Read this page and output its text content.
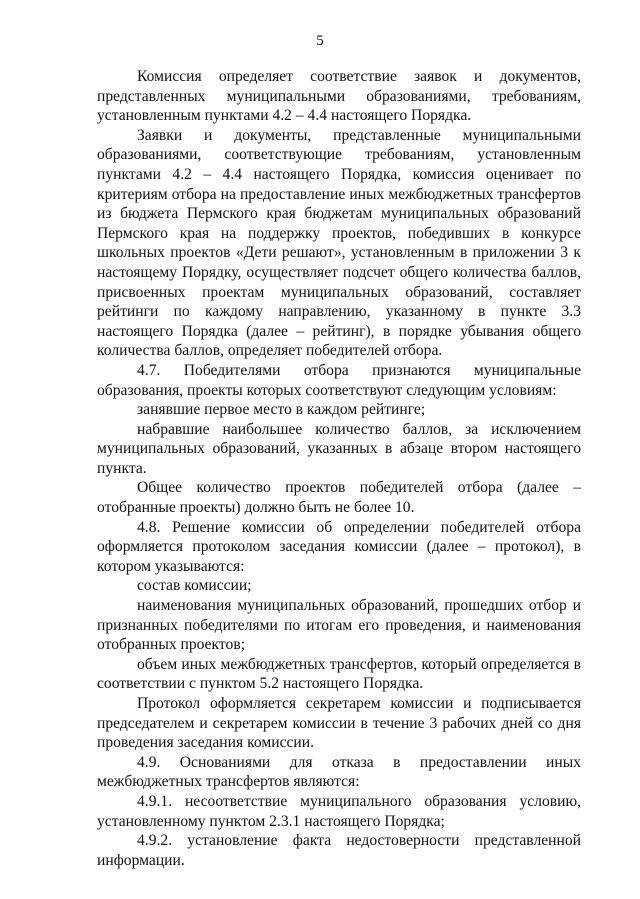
5

Комиссия определяет соответствие заявок и документов, представленных муниципальными образованиями, требованиям, установленным пунктами 4.2 – 4.4 настоящего Порядка.

Заявки и документы, представленные муниципальными образованиями, соответствующие требованиям, установленным пунктами 4.2 – 4.4 настоящего Порядка, комиссия оценивает по критериям отбора на предоставление иных межбюджетных трансфертов из бюджета Пермского края бюджетам муниципальных образований Пермского края на поддержку проектов, победивших в конкурсе школьных проектов «Дети решают», установленным в приложении 3 к настоящему Порядку, осуществляет подсчет общего количества баллов, присвоенных проектам муниципальных образований, составляет рейтинги по каждому направлению, указанному в пункте 3.3 настоящего Порядка (далее – рейтинг), в порядке убывания общего количества баллов, определяет победителей отбора.

4.7. Победителями отбора признаются муниципальные образования, проекты которых соответствуют следующим условиям:

занявшие первое место в каждом рейтинге;

набравшие наибольшее количество баллов, за исключением муниципальных образований, указанных в абзаце втором настоящего пункта.

Общее количество проектов победителей отбора (далее – отобранные проекты) должно быть не более 10.

4.8. Решение комиссии об определении победителей отбора оформляется протоколом заседания комиссии (далее – протокол), в котором указываются:

состав комиссии;

наименования муниципальных образований, прошедших отбор и признанных победителями по итогам его проведения, и наименования отобранных проектов;

объем иных межбюджетных трансфертов, который определяется в соответствии с пунктом 5.2 настоящего Порядка.

Протокол оформляется секретарем комиссии и подписывается председателем и секретарем комиссии в течение 3 рабочих дней со дня проведения заседания комиссии.

4.9. Основаниями для отказа в предоставлении иных межбюджетных трансфертов являются:

4.9.1. несоответствие муниципального образования условию, установленному пунктом 2.3.1 настоящего Порядка;

4.9.2. установление факта недостоверности представленной информации.
